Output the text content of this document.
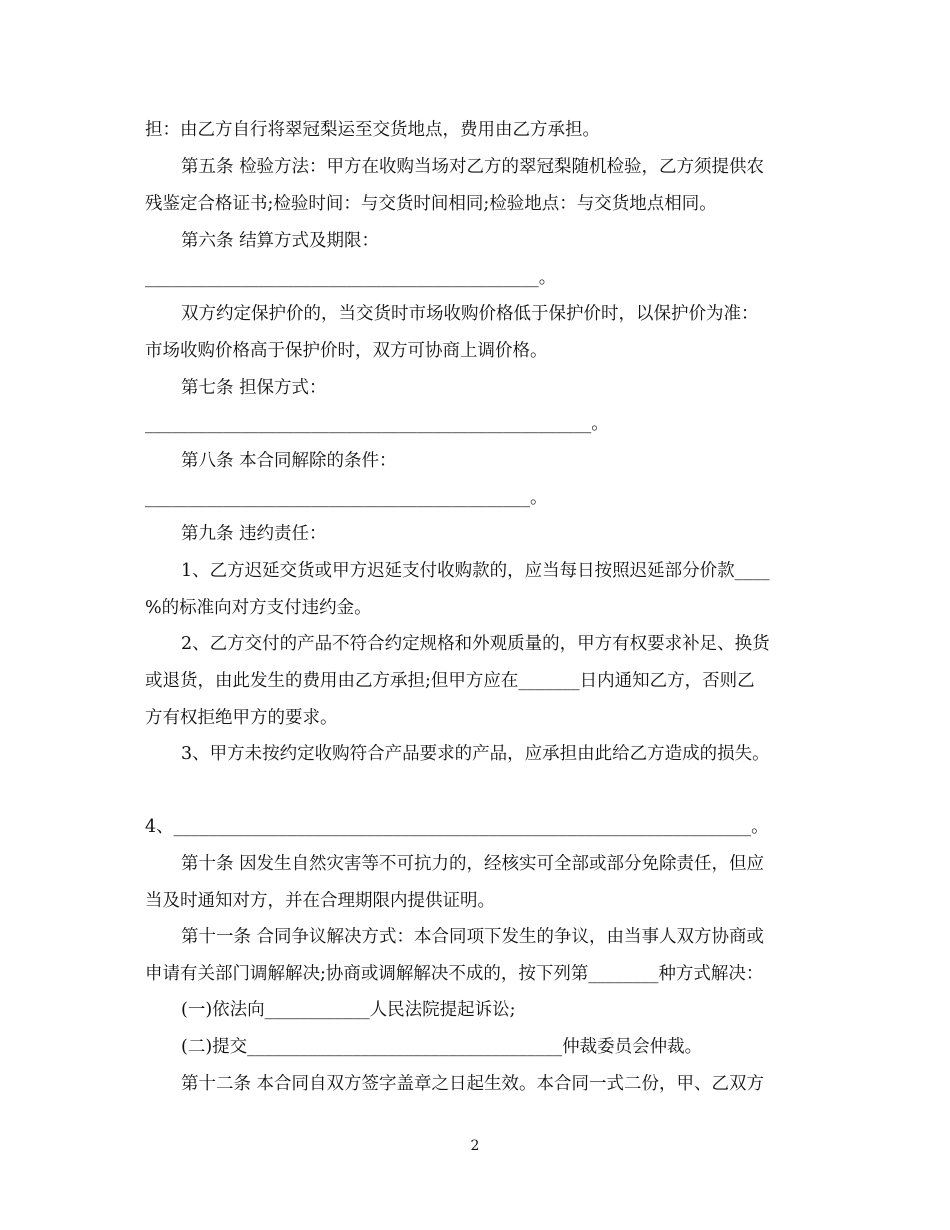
担：由乙方自行将翠冠梨运至交货地点，费用由乙方承担。
第五条 检验方法：甲方在收购当场对乙方的翠冠梨随机检验，乙方须提供农
残鉴定合格证书;检验时间：与交货时间相同;检验地点：与交货地点相同。
第六条 结算方式及期限：
_____________________________________________。
双方约定保护价的，当交货时市场收购价格低于保护价时，以保护价为准：
市场收购价格高于保护价时，双方可协商上调价格。
第七条 担保方式：
___________________________________________________。
第八条 本合同解除的条件：
____________________________________________。
第九条 违约责任：
1、乙方迟延交货或甲方迟延支付收购款的，应当每日按照迟延部分价款____
%的标准向对方支付违约金。
2、乙方交付的产品不符合约定规格和外观质量的，甲方有权要求补足、换货
或退货，由此发生的费用由乙方承担;但甲方应在_______日内通知乙方，否则乙
方有权拒绝甲方的要求。
3、甲方未按约定收购符合产品要求的产品，应承担由此给乙方造成的损失。
4、__________________________________________________________________。
第十条 因发生自然灾害等不可抗力的，经核实可全部或部分免除责任，但应
当及时通知对方，并在合理期限内提供证明。
第十一条 合同争议解决方式：本合同项下发生的争议，由当事人双方协商或
申请有关部门调解解决;协商或调解解决不成的，按下列第________种方式解决：
(一)依法向____________人民法院提起诉讼;
(二)提交____________________________________仲裁委员会仲裁。
第十二条 本合同自双方签字盖章之日起生效。本合同一式二份，甲、乙双方
2
